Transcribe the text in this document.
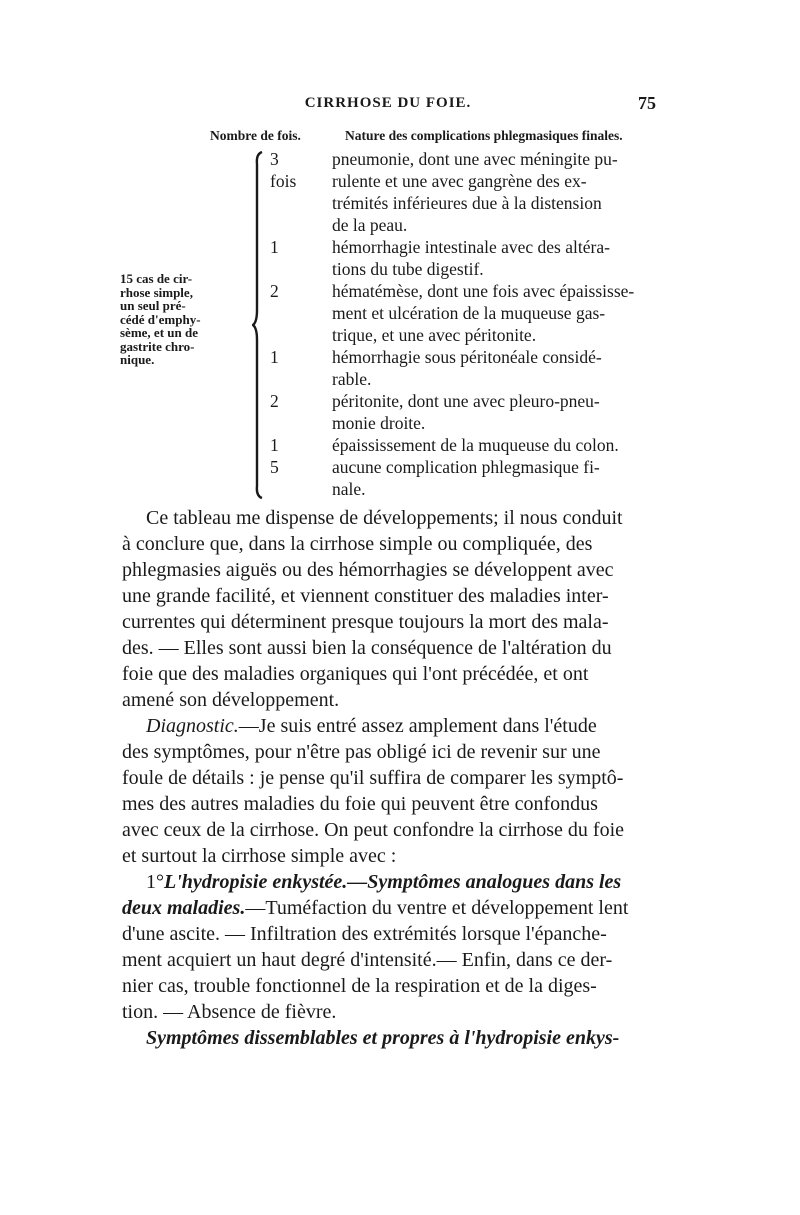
CIRRHOSE DU FOIE.	75
Nombre de fois.	Nature des complications phlegmasiques finales.
15 cas de cir-
rhose simple,
un seul pré-
cédé d'emphy-
sème, et un de
gastrite chro-
nique.
3 fois
pneumonie, dont une avec méningite pu-
rulente et une avec gangrène des ex-
trémités inférieures due à la distension
de la peau.
1	hémorrhagie intestinale avec des altéra-
tions du tube digestif.
2	hématémèse, dont une fois avec épaississe-
ment et ulcération de la muqueuse gas-
trique, et une avec péritonite.
1	hémorrhagie sous péritonéale considé-
rable.
2	péritonite, dont une avec pleuro-pneu-
monie droite.
1	épaississement de la muqueuse du colon.
5	aucune complication phlegmasique fi-
nale.
Ce tableau me dispense de développements; il nous conduit
à conclure que, dans la cirrhose simple ou compliquée, des
phlegmasies aiguës ou des hémorrhagies se développent avec
une grande facilité, et viennent constituer des maladies inter-
currentes qui déterminent presque toujours la mort des mala-
des. — Elles sont aussi bien la conséquence de l'altération du
foie que des maladies organiques qui l'ont précédée, et ont
amené son développement.
Diagnostic.—Je suis entré assez amplement dans l'étude
des symptômes, pour n'être pas obligé ici de revenir sur une
foule de détails : je pense qu'il suffira de comparer les symptô-
mes des autres maladies du foie qui peuvent être confondus
avec ceux de la cirrhose. On peut confondre la cirrhose du foie
et surtout la cirrhose simple avec :
1°L'hydropisie enkystée.—Symptômes analogues dans les
deux maladies.—Tuméfaction du ventre et développement lent
d'une ascite. — Infiltration des extrémités lorsque l'épanche-
ment acquiert un haut degré d'intensité.— Enfin, dans ce der-
nier cas, trouble fonctionnel de la respiration et de la diges-
tion. — Absence de fièvre.
Symptômes dissemblables et propres à l'hydropisie enkys-
